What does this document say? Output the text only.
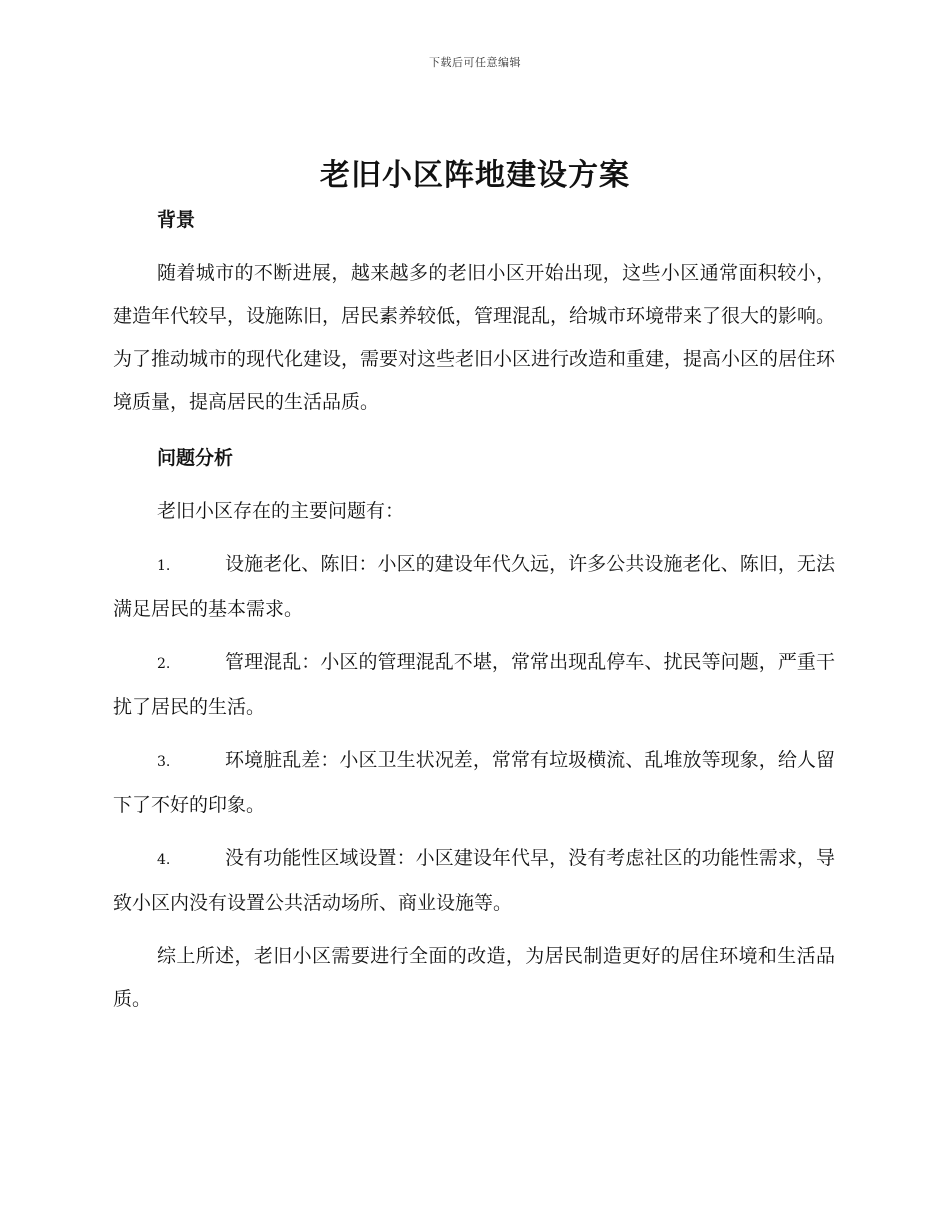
下载后可任意编辑
老旧小区阵地建设方案
背景

随着城市的不断进展，越来越多的老旧小区开始出现，这些小区通常面积较小，建造年代较早，设施陈旧，居民素养较低，管理混乱，给城市环境带来了很大的影响。为了推动城市的现代化建设，需要对这些老旧小区进行改造和重建，提高小区的居住环境质量，提高居民的生活品质。

问题分析

老旧小区存在的主要问题有：

1.	设施老化、陈旧：小区的建设年代久远，许多公共设施老化、陈旧，无法满足居民的基本需求。

2.	管理混乱：小区的管理混乱不堪，常常出现乱停车、扰民等问题，严重干扰了居民的生活。

3.	环境脏乱差：小区卫生状况差，常常有垃圾横流、乱堆放等现象，给人留下了不好的印象。

4.	没有功能性区域设置：小区建设年代早，没有考虑社区的功能性需求，导致小区内没有设置公共活动场所、商业设施等。

综上所述，老旧小区需要进行全面的改造，为居民制造更好的居住环境和生活品质。
